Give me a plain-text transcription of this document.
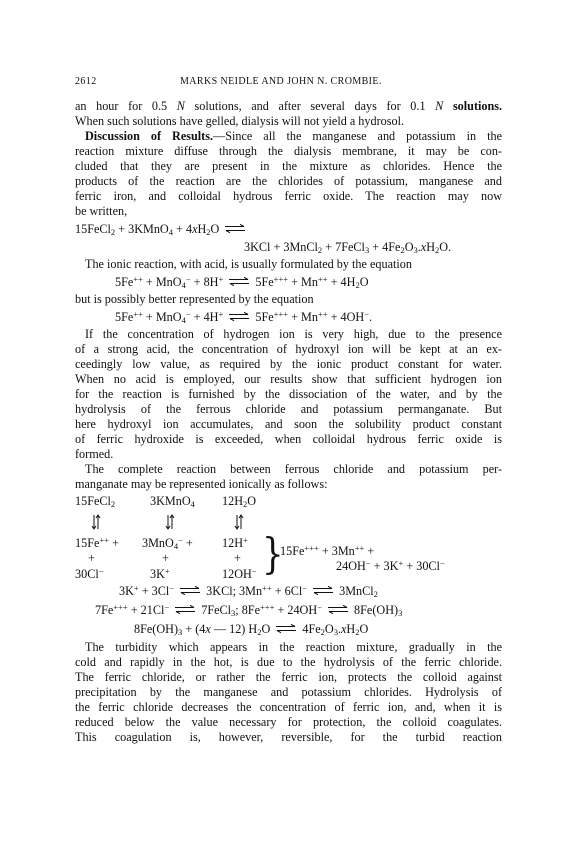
2612	MARKS NEIDLE AND JOHN N. CROMBIE.
an hour for 0.5 N solutions, and after several days for 0.1 N solutions.
When such solutions have gelled, dialysis will not yield a hydrosol.
Discussion of Results.—Since all the manganese and potassium in the
reaction mixture diffuse through the dialysis membrane, it may be con-
cluded that they are present in the mixture as chlorides. Hence the
products of the reaction are the chlorides of potassium, manganese and
ferric iron, and colloidal hydrous ferric oxide. The reaction may now
be written,
15FeCl$_2$ + 3KMnO$_4$ + $4xH_2O$ ⇌
3KCl + 3MnCl$_2$ + 7FeCl$_3$ + $4Fe_2O_3.xH_2O$.
The ionic reaction, with acid, is usually formulated by the equation
5Fe++ + MnO$_4$− + 8H+ ⇌ $5Fe^{+++} + Mn^{++} + 4H_2O$
but is possibly better represented by the equation
5Fe++ + MnO$_4$− + 4H+ ⇌ 5Fe+++ + Mn++ + 4OH−.
If the concentration of hydrogen ion is very high, due to the presence
of a strong acid, the concentration of hydroxyl ion will be kept at an ex-
ceedingly low value, as required by the ionic product constant for water.
When no acid is employed, our results show that sufficient hydrogen ion
for the reaction is furnished by the dissociation of the water, and by the
hydrolysis of the ferrous chloride and potassium permanganate. But
here hydroxyl ion accumulates, and soon the solubility product constant
of ferric hydroxide is exceeded, when colloidal hydrous ferric oxide is
formed.
The complete reaction between ferrous chloride and potassium per-
manganate may be represented ionically as follows:
15FeCl$_2$	3KMnO$_4$ $12H_2O$
15Fe++ + 3MnO$_4$− + 12H+
+	+	+
30Cl−	3K+	12OH− }
15Fe+++ + 3Mn++ +
24OH− + 3K+ + 30Cl−
3K+ + 3Cl− ⇌ 3KCl; 3Mn++ + 6Cl− ⇌ 3MnCl$_2$
7Fe+++ + 21Cl− ⇌ 7FeCl$_3$; 8Fe+++ + 24OH− ⇌ $8Fe(OH)_3$
$8Fe(OH)_3 + (4x$ — 12) $H_2O$ ⇌ $4Fe_2O_3.xH_2O$
The turbidity which appears in the reaction mixture, gradually in the
cold and rapidly in the hot, is due to the hydrolysis of the ferric chloride.
The ferric chloride, or rather the ferric ion, protects the colloid against
precipitation by the manganese and potassium chlorides. Hydrolysis of
the ferric chloride decreases the concentration of ferric ion, and, when it is
reduced below the value necessary for protection, the colloid coagulates.
This coagulation is, however, reversible, for the turbid reaction
